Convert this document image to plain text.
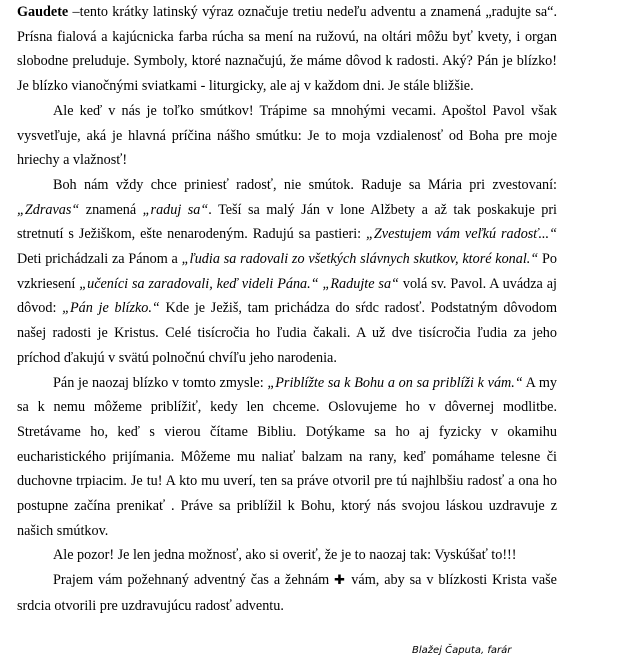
Gaudete –tento krátky latinský výraz označuje tretiu nedeľu adventu a znamená „radujte sa“. Prísna fialová a kajúcnicka farba rúcha sa mení na ružovú, na oltári môžu byť kvety, i organ slobodne preluduje. Symboly, ktoré naznačujú, že máme dôvod k radosti. Aký? Pán je blízko! Je blízko vianočnými sviatkami - liturgicky, ale aj v každom dni. Je stále bližšie.

Ale keď v nás je toľko smútkov! Trápime sa mnohými vecami. Apoštol Pavol však vysvetľuje, aká je hlavná príčina nášho smútku: Je to moja vzdialenosť od Boha pre moje hriechy a vlažnosť!

Boh nám vždy chce priniesť radosť, nie smútok. Raduje sa Mária pri zvestovaní: „Zdravas“ znamená „raduj sa“. Teší sa malý Ján v lone Alžbety a až tak poskakuje pri stretnutí s Ježiškom, ešte nenarodeným. Radujú sa pastieri: „Zvestujem vám veľkú radosť...“ Deti prichádzali za Pánom a „ľudia sa radovali zo všetkých slávnych skutkov, ktoré konal.“ Po vzkriesení „učeníci sa zaradovali, keď videli Pána.“ „Radujte sa“ volá sv. Pavol. A uvádza aj dôvod: „Pán je blízko.“ Kde je Ježiš, tam prichádza do sŕdc radosť. Podstatným dôvodom našej radosti je Kristus. Celé tisícročia ho ľudia čakali. A už dve tisícročia ľudia za jeho príchod ďakujú v svätú polnočnú chvíľu jeho narodenia.

Pán je naozaj blízko v tomto zmysle: „Priblížte sa k Bohu a on sa priblíži k vám.“ A my sa k nemu môžeme priblížiť, kedy len chceme. Oslovujeme ho v dôvernej modlitbe. Stretávame ho, keď s vierou čítame Bibliu. Dotýkame sa ho aj fyzicky v okamihu eucharistického prijímania. Môžeme mu naliať balzam na rany, keď pomáhame telesne či duchovne trpiacim. Je tu! A kto mu uverí, ten sa práve otvoril pre tú najhlbšiu radosť a ona ho postupne začína prenikať . Práve sa priblížil k Bohu, ktorý nás svojou láskou uzdravuje z našich smútkov.

Ale pozor! Je len jedna možnosť, ako si overiť, že je to naozaj tak: Vyskúšať to!!!

Prajem vám požehnaný adventný čas a žehnám ✚ vám, aby sa v blízkosti Krista vaše srdcia otvorili pre uzdravujúcu radosť adventu.

Blažej Čaputa, farár
